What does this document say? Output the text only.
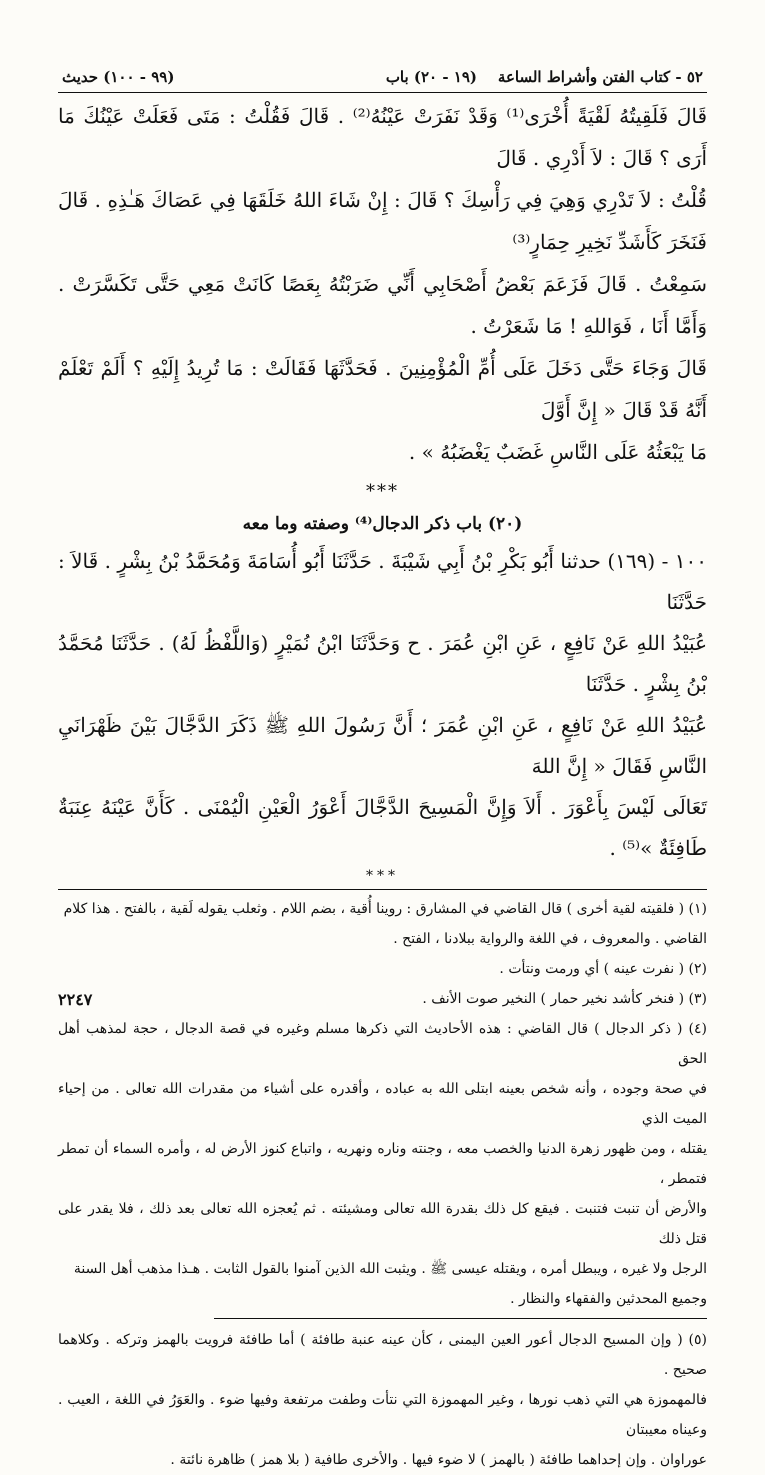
٥٢ - كتاب الفتن وأشراط الساعة    (١٩ - ٢٠) باب
(٩٩ - ١٠٠) حديث

قَالَ فَلَقِيتُهُ لَقْيَةً أُخْرَى⁽¹⁾ وَقَدْ نَفَرَتْ عَيْنُهُ⁽²⁾ . قَالَ فَقُلْتُ : مَتَى فَعَلَتْ عَيْنُكَ مَا أَرَى ؟ قَالَ : لاَ أَدْرِي . قَالَ

قُلْتُ : لاَ تَدْرِي وَهِيَ فِي رَأْسِكَ ؟ قَالَ : إِنْ شَاءَ اللهُ خَلَقَهَا فِي عَصَاكَ هَـٰذِهِ . قَالَ فَنَخَرَ كَأَشَدِّ نَخِيرِ حِمَارٍ⁽³⁾

سَمِعْتُ . قَالَ فَزَعَمَ بَعْضُ أَصْحَابِي أَنِّي ضَرَبْتُهُ بِعَصًا كَانَتْ مَعِي حَتَّى تَكَسَّرَتْ . وَأَمَّا أَنَا ، فَوَاللهِ ! مَا شَعَرْتُ .

قَالَ وَجَاءَ حَتَّى دَخَلَ عَلَى أُمِّ الْمُؤْمِنِينَ . فَحَدَّثَهَا فَقَالَتْ : مَا تُرِيدُ إِلَيْهِ ؟ أَلَمْ تَعْلَمْ أَنَّهُ قَدْ قَالَ « إِنَّ أَوَّلَ

مَا يَبْعَثُهُ عَلَى النَّاسِ غَضَبٌ يَغْضَبُهُ » .

***
(٢٠) باب ذكر الدجال⁽⁴⁾ وصفته وما معه

١٠٠ - (١٦٩) حدثنا أَبُو بَكْرِ بْنُ أَبِي شَيْبَةَ . حَدَّثَنَا أَبُو أُسَامَةَ وَمُحَمَّدُ بْنُ بِشْرٍ . قَالاَ : حَدَّثَنَا

عُبَيْدُ اللهِ عَنْ نَافِعٍ ، عَنِ ابْنِ عُمَرَ . ح وَحَدَّثَنَا ابْنُ نُمَيْرٍ (وَاللَّفْظُ لَهُ) . حَدَّثَنَا مُحَمَّدُ بْنُ بِشْرٍ . حَدَّثَنَا

عُبَيْدُ اللهِ عَنْ نَافِعٍ ، عَنِ ابْنِ عُمَرَ ؛ أَنَّ رَسُولَ اللهِ ﷺ ذَكَرَ الدَّجَّالَ بَيْنَ ظَهْرَانَيِ النَّاسِ فَقَالَ « إِنَّ اللهَ

تَعَالَى لَيْسَ بِأَعْوَرَ . أَلاَ وَإِنَّ الْمَسِيحَ الدَّجَّالَ أَعْوَرُ الْعَيْنِ الْيُمْنَى . كَأَنَّ عَيْنَهُ عِنَبَةٌ طَافِئَةٌ »⁽⁵⁾ .

***

(١) ( فلقيته لقية أخرى ) قال القاضي في المشارق : روينا أُقية ، بضم اللام . وثعلب يقوله لَقية ، بالفتح . هذا كلام

القاضي . والمعروف ، في اللغة والرواية ببلادنا ، الفتح .

(٢) ( نفرت عينه ) أي ورمت ونتأت .

(٣) ( فنخر كأشد نخير حمار ) النخير صوت الأنف .

(٤) ( ذكر الدجال ) قال القاضي : هذه الأحاديث التي ذكرها مسلم وغيره في قصة الدجال ، حجة لمذهب أهل الحق

في صحة وجوده ، وأنه شخص بعينه ابتلى الله به عباده ، وأقدره على أشياء من مقدرات الله تعالى . من إحياء الميت الذي

يقتله ، ومن ظهور زهرة الدنيا والخصب معه ، وجنته وناره ونهريه ، واتباع كنوز الأرض له ، وأمره السماء أن تمطر فتمطر ،

والأرض أن تنبت فتنبت . فيقع كل ذلك بقدرة الله تعالى ومشيئته . ثم يُعجزه الله تعالى بعد ذلك ، فلا يقدر على قتل ذلك

الرجل ولا غيره ، ويبطل أمره ، ويقتله عيسى ﷺ . ويثبت الله الذين آمنوا بالقول الثابت . هـذا مذهب أهل السنة

وجميع المحدثين والفقهاء والنظار .

(٥) ( وإن المسيح الدجال أعور العين اليمنى ، كأن عينه عنبة طافئة ) أما طافئة فرويت بالهمز وتركه . وكلاهما صحيح .

فالمهموزة هي التي ذهب نورها ، وغير المهموزة التي نتأت وطفت مرتفعة وفيها ضوء . والعَوَرُ في اللغة ، العيب . وعيناه معيبتان

عوراوان . وإن إحداهما طافئة ( بالهمز ) لا ضوء فيها . والأخرى طافية ( بلا همز ) ظاهرة نائتة .

٢٢٤٧
